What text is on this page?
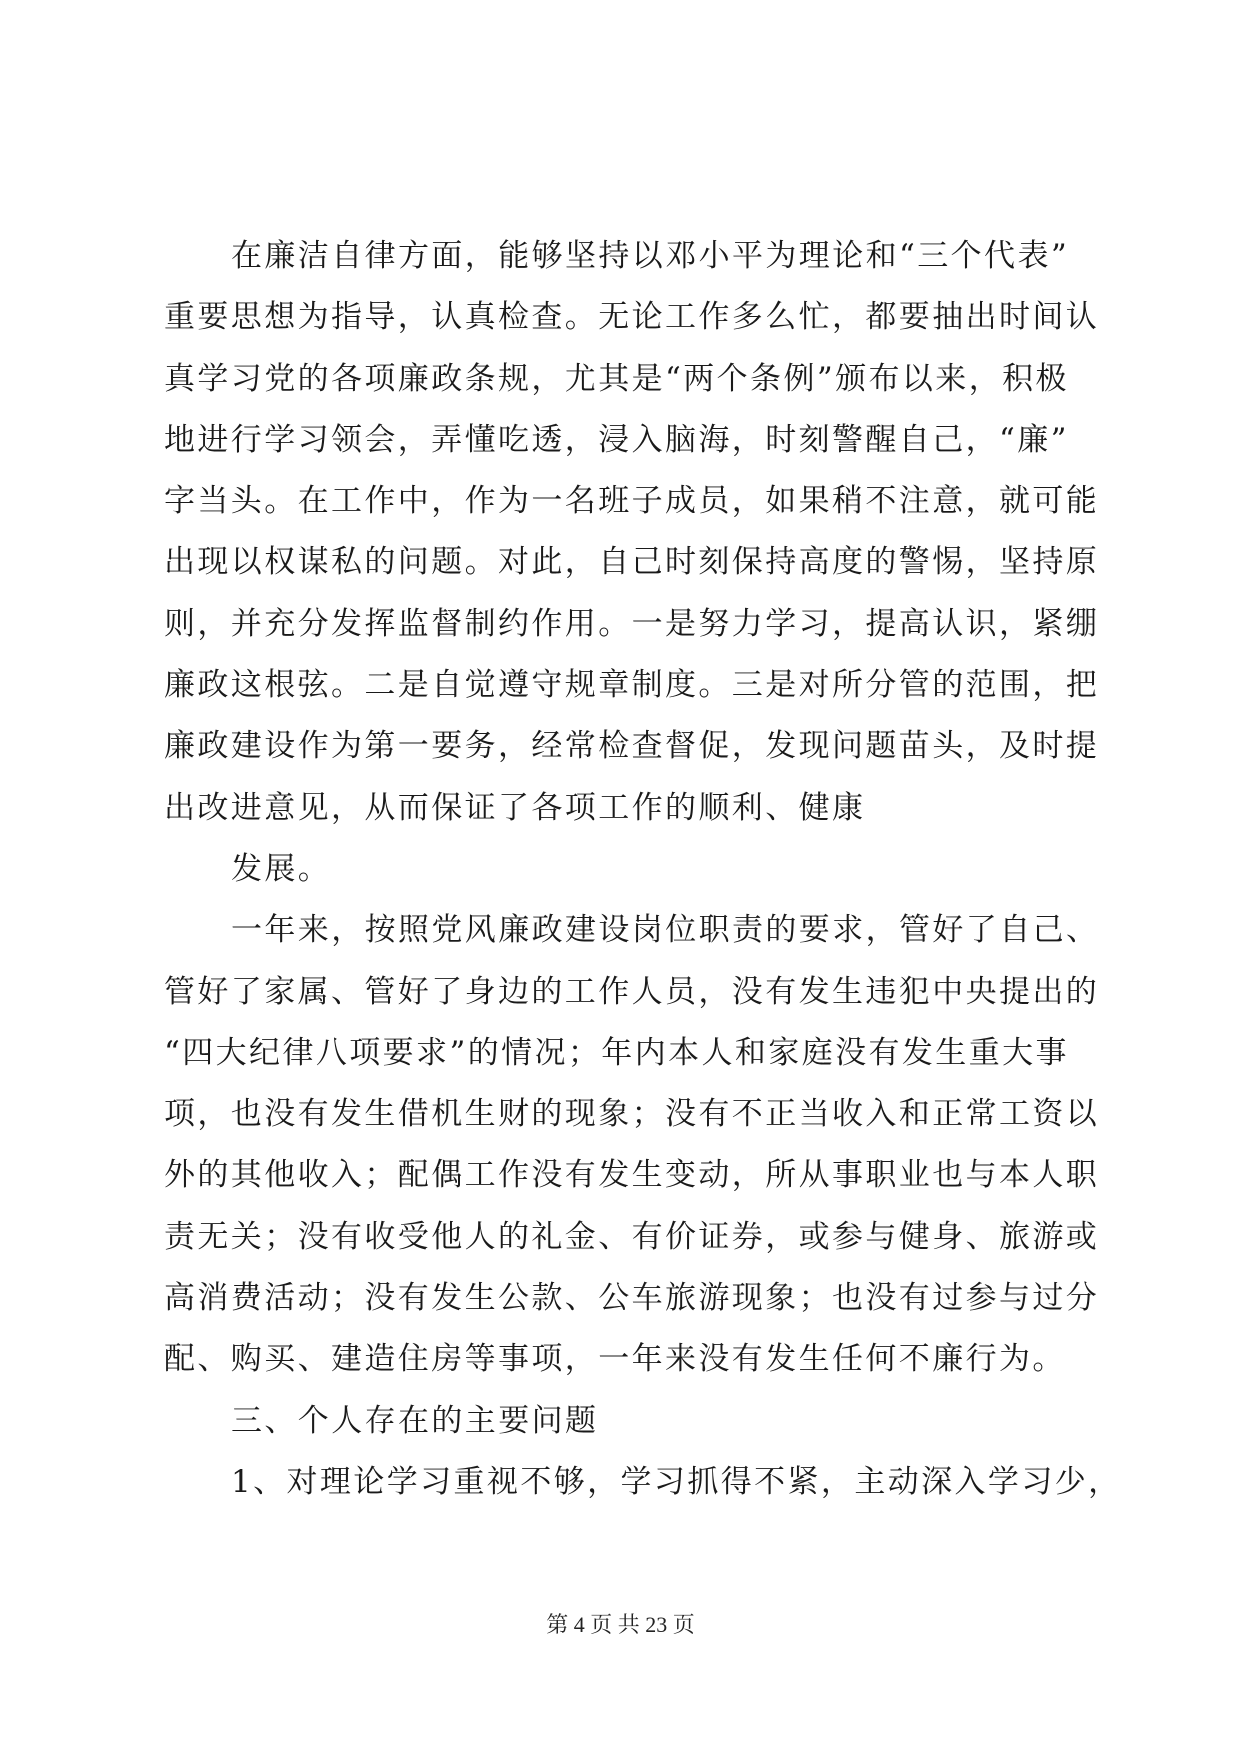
在廉洁自律方面，能够坚持以邓小平为理论和“三个代表”
重要思想为指导，认真检查。无论工作多么忙，都要抽出时间认
真学习党的各项廉政条规，尤其是“两个条例”颁布以来，积极
地进行学习领会，弄懂吃透，浸入脑海，时刻警醒自己，“廉”
字当头。在工作中，作为一名班子成员，如果稍不注意，就可能
出现以权谋私的问题。对此，自己时刻保持高度的警惕，坚持原
则，并充分发挥监督制约作用。一是努力学习，提高认识，紧绷
廉政这根弦。二是自觉遵守规章制度。三是对所分管的范围，把
廉政建设作为第一要务，经常检查督促，发现问题苗头，及时提
出改进意见，从而保证了各项工作的顺利、健康
发展。
一年来，按照党风廉政建设岗位职责的要求，管好了自己、
管好了家属、管好了身边的工作人员，没有发生违犯中央提出的
“四大纪律八项要求”的情况；年内本人和家庭没有发生重大事
项，也没有发生借机生财的现象；没有不正当收入和正常工资以
外的其他收入；配偶工作没有发生变动，所从事职业也与本人职
责无关；没有收受他人的礼金、有价证券，或参与健身、旅游或
高消费活动；没有发生公款、公车旅游现象；也没有过参与过分
配、购买、建造住房等事项，一年来没有发生任何不廉行为。
三、个人存在的主要问题
1、对理论学习重视不够，学习抓得不紧，主动深入学习少，
第 4 页 共 23 页
